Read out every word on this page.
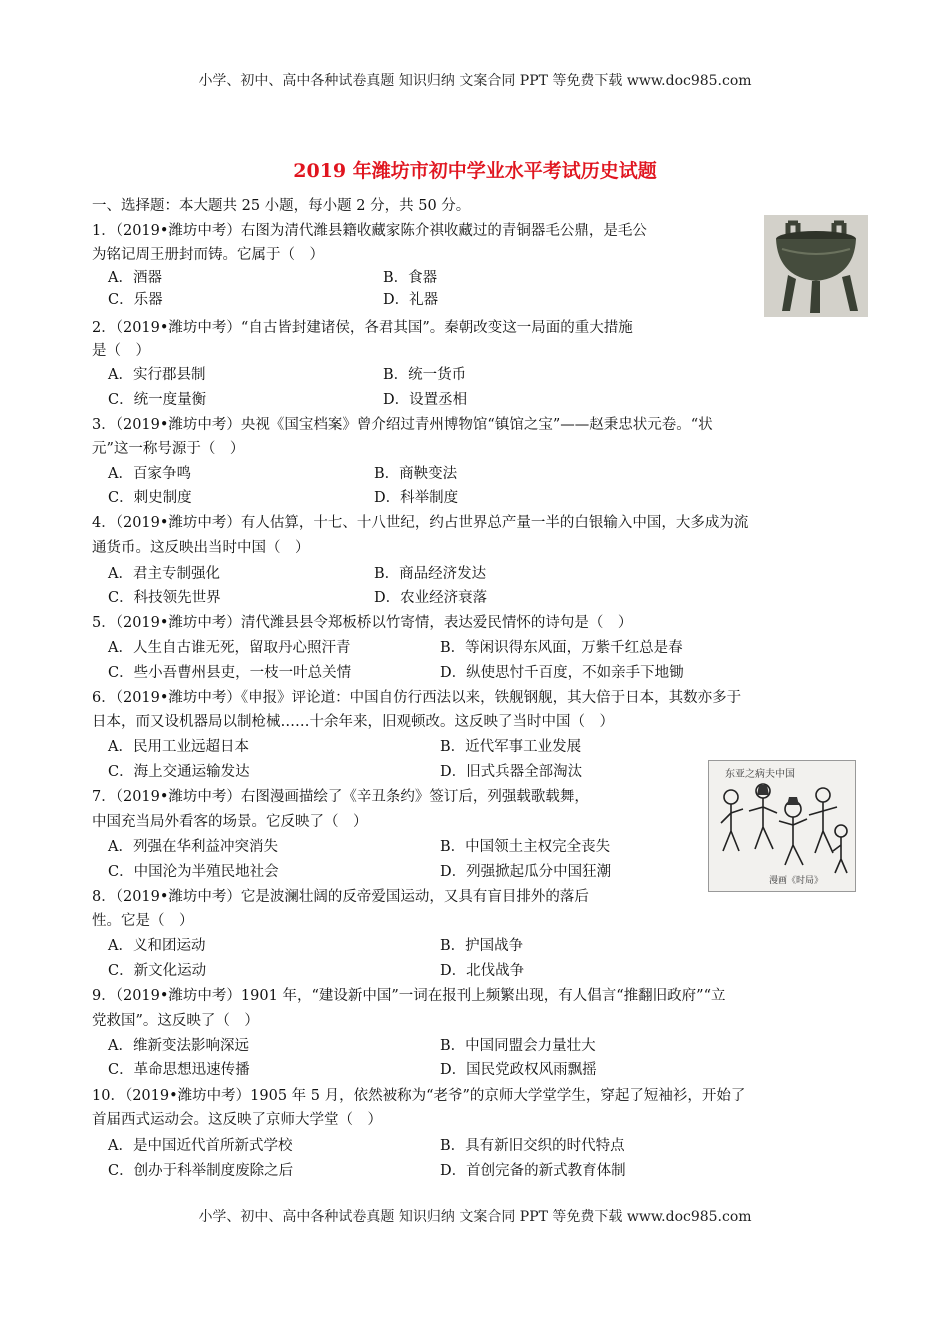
小学、初中、高中各种试卷真题 知识归纳 文案合同 PPT 等免费下载 www.doc985.com
2019 年潍坊市初中学业水平考试历史试题
一、选择题：本大题共 25 小题，每小题 2 分，共 50 分。
1．（2019•潍坊中考）右图为清代潍县籍收藏家陈介祺收藏过的青铜器毛公鼎，是毛公
为铭记周王册封而铸。它属于（　）
A．酒器	B．食器
C．乐器	D．礼器
2．（2019•潍坊中考）“自古皆封建诸侯，各君其国”。秦朝改变这一局面的重大措施
是（　）
A．实行郡县制	B．统一货币
C．统一度量衡	D．设置丞相
3．（2019•潍坊中考）央视《国宝档案》曾介绍过青州博物馆“镇馆之宝”——赵秉忠状元卷。“状
元”这一称号源于（　）
A．百家争鸣	B．商鞅变法
C．刺史制度	D．科举制度
4．（2019•潍坊中考）有人估算，十七、十八世纪，约占世界总产量一半的白银输入中国，大多成为流
通货币。这反映出当时中国（　）
A．君主专制强化	B．商品经济发达
C．科技领先世界	D．农业经济衰落
5．（2019•潍坊中考）清代潍县县令郑板桥以竹寄情，表达爱民情怀的诗句是（　）
A．人生自古谁无死，留取丹心照汗青	B．等闲识得东风面，万紫千红总是春
C．些小吾曹州县吏，一枝一叶总关情	D．纵使思忖千百度，不如亲手下地锄
6．（2019•潍坊中考）《申报》评论道：中国自仿行西法以来，铁舰钢舰，其大倍于日本，其数亦多于
日本，而又设机器局以制枪械……十余年来，旧观顿改。这反映了当时中国（　）
A．民用工业远超日本	B．近代军事工业发展
C．海上交通运输发达	D．旧式兵器全部淘汰	东亚之病夫中国
漫画《时局》
7．（2019•潍坊中考）右图漫画描绘了《辛丑条约》签订后，列强载歌载舞，
中国充当局外看客的场景。它反映了（　）
A．列强在华利益冲突消失	B．中国领土主权完全丧失
C．中国沦为半殖民地社会	D．列强掀起瓜分中国狂潮
8．（2019•潍坊中考）它是波澜壮阔的反帝爱国运动，又具有盲目排外的落后
性。它是（　）
A．义和团运动	B．护国战争
C．新文化运动	D．北伐战争
9．（2019•潍坊中考）1901 年，“建设新中国”一词在报刊上频繁出现，有人倡言“推翻旧政府”“立
党救国”。这反映了（　）
A．维新变法影响深远	B．中国同盟会力量壮大
C．革命思想迅速传播	D．国民党政权风雨飘摇
10．（2019•潍坊中考）1905 年 5 月，依然被称为“老爷”的京师大学堂学生，穿起了短袖衫，开始了
首届西式运动会。这反映了京师大学堂（　）
A．是中国近代首所新式学校	B．具有新旧交织的时代特点
C．创办于科举制度废除之后	D．首创完备的新式教育体制
小学、初中、高中各种试卷真题 知识归纳 文案合同 PPT 等免费下载 www.doc985.com
